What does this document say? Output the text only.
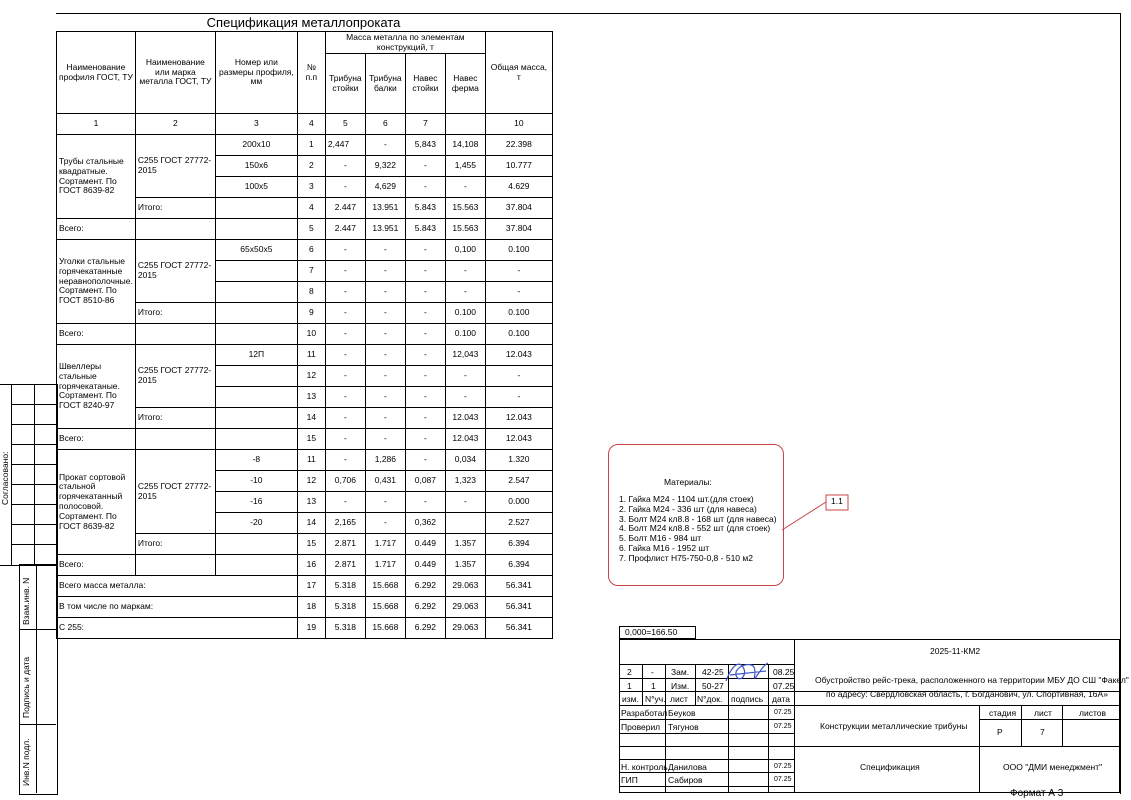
Спецификация металлопроката
Наименование профиля ГОСТ, ТУ	Наименование или марка металла ГОСТ, ТУ	Номер или размеры профиля, мм	№ п.п	Масса металла по элементам конструкций, т				Общая масса, т
				Трибуна стойки	Трибуна балки	Навес стойки	Навес ферма	
1	2	3	4	5	6	7		10
Трубы стальные квадратные. Сортамент. По ГОСТ 8639-82	С255 ГОСТ 27772-2015	200x10	1	2,447	-	5,843	14,108	22.398
		150x6	2	-	9,322	-	1,455	10.777
		100x5	3	-	4,629	-	-	4.629
	Итого:		4	2.447	13.951	5.843	15.563	37.804
Всего:			5	2.447	13.951	5.843	15.563	37.804
Уголки стальные горячекатанные неравнополочные. Сортамент. По ГОСТ 8510-86	С255 ГОСТ 27772-2015	65x50x5	6	-	-	-	0,100	0.100
			7	-	-	-	-	-
			8	-	-	-	-	-
	Итого:		9	-	-	-	0.100	0.100
Всего:			10	-	-	-	0.100	0.100
Швеллеры стальные горячекатаные. Сортамент. По ГОСТ 8240-97	С255 ГОСТ 27772-2015	12П	11	-	-	-	12,043	12.043
			12	-	-	-	-	-
			13	-	-	-	-	-
	Итого:		14	-	-	-	12.043	12.043
Всего:			15	-	-	-	12.043	12.043
Прокат сортовой стальной горячекатанный полосовой. Сортамент. По ГОСТ 8639-82	С255 ГОСТ 27772-2015	-8	11	-	1,286	-	0,034	1.320
		-10	12	0,706	0,431	0,087	1,323	2.547
		-16	13	-	-	-	-	0.000
		-20	14	2,165	-	0,362		2.527
	Итого:		15	2.871	1.717	0.449	1.357	6.394
Всего:			16	2.871	1.717	0.449	1.357	6.394
Всего масса металла:			17	5.318	15.668	6.292	29.063	56.341
В том числе по маркам:			18	5.318	15.668	6.292	29.063	56.341
С 255:			19	5.318	15.668	6.292	29.063	56.341
Согласовано:
Взам.инв. N
Подпись и дата
Инв.N подл.
Материалы:
1. Гайка М24 - 1104 шт.(для стоек)
2. Гайка М24 - 336 шт (для навеса)
3. Болт М24 кл8.8 - 168 шт (для навеса)
4. Болт М24 кл8.8 - 552 шт (для стоек)
5. Болт М16 - 984 шт
6. Гайка М16 - 1952 шт
7. Профлист Н75-750-0,8 - 510 м2
1.1
0,000=166.50
2 - Зам. 42-25	08.25
1 1 Изм. 50-27	07.25
изм. N°уч. лист N°док. подпись дата
Разработал Беуков	07.25
Проверил Тягунов	07.25
Н. контроль Данилова	07.25
ГИП	Сабиров	07.25
2025-11-КМ2
Обустройство рейс-трека, расположенного на территории МБУ ДО СШ "Факел"
по адресу: Свердловская область, г. Богданович, ул. Спортивная, 16А»
Конструкции металлические трибуны
стадия лист	листов
Р	7
Спецификация	ООО "ДМИ менеджмент"
Формат А 3
